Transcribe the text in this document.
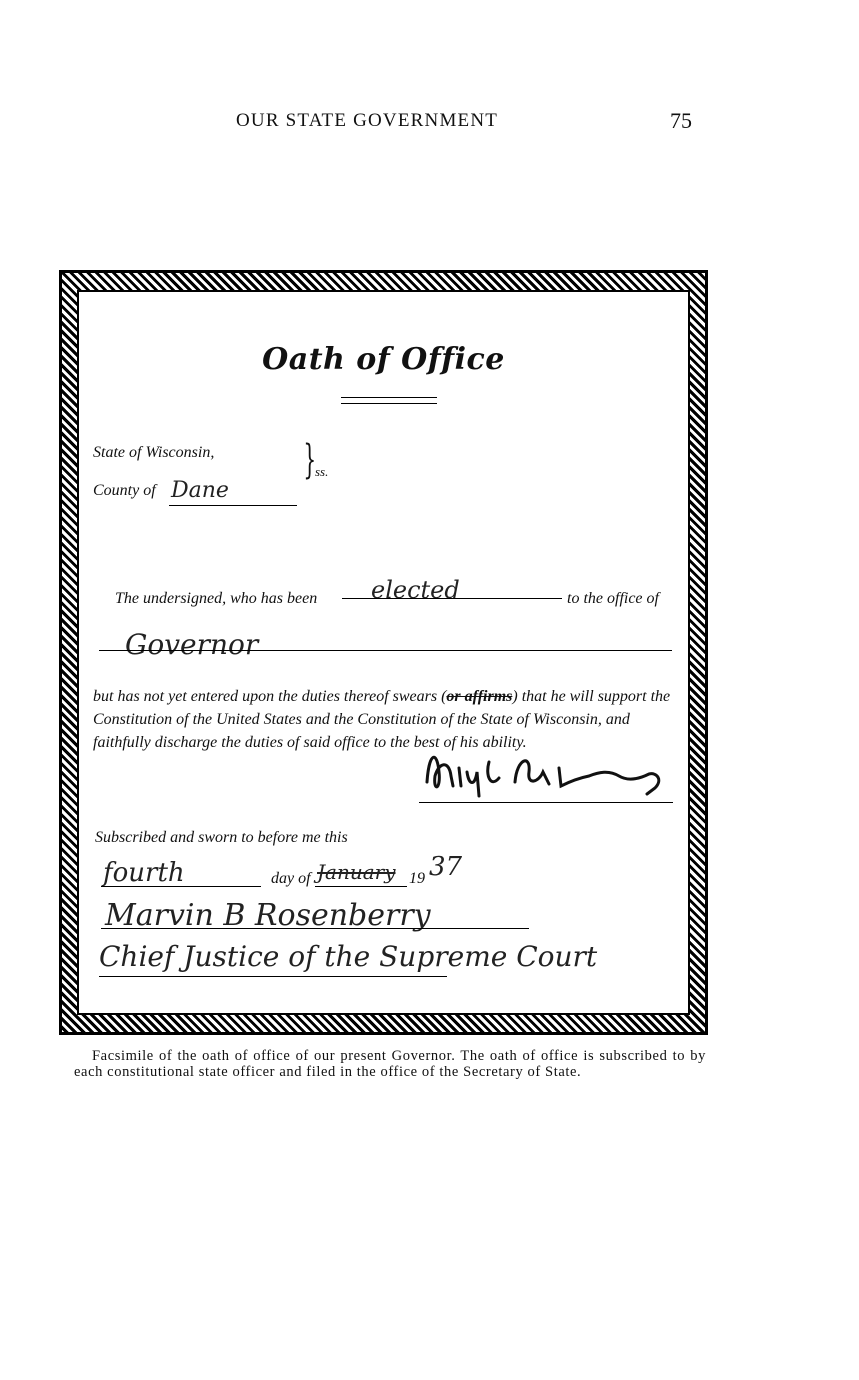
OUR STATE GOVERNMENT	75
Oath of Office
State of Wisconsin,
County of Dane
}
ss.
The undersigned, who has been elected	to the office of
Governor
but has not yet entered upon the duties thereof swears (or affirms) that he will support the Constitution of the United States and the Constitution of the State of Wisconsin, and faithfully discharge the duties of said office to the best of his ability.
Subscribed and sworn to before me this
fourth	day of January 19 37
Marvin B Rosenberry
Chief Justice of the Supreme Court
Facsimile of the oath of office of our present Governor. The oath of office is subscribed to by each constitutional state officer and filed in the office of the Secretary of State.
